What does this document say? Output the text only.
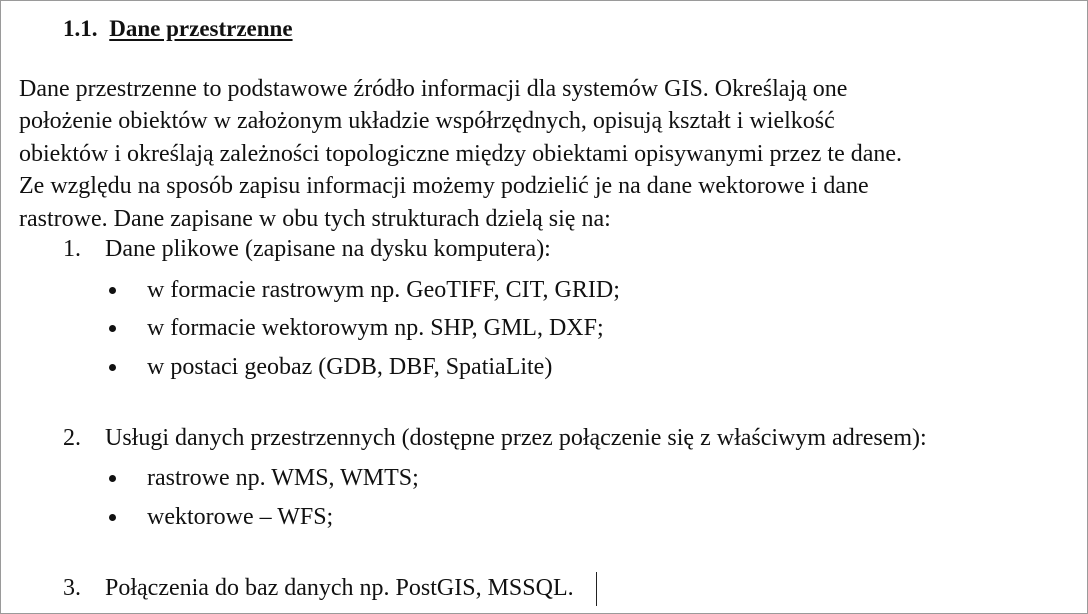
1.1. Dane przestrzenne

Dane przestrzenne to podstawowe źródło informacji dla systemów GIS. Określają one
położenie obiektów w założonym układzie współrzędnych, opisują kształt i wielkość
obiektów i określają zależności topologiczne między obiektami opisywanymi przez te dane.
Ze względu na sposób zapisu informacji możemy podzielić je na dane wektorowe i dane
rastrowe. Dane zapisane w obu tych strukturach dzielą się na:

1. Dane plikowe (zapisane na dysku komputera):
w formacie rastrowym np. GeoTIFF, CIT, GRID;
w formacie wektorowym np. SHP, GML, DXF;
w postaci geobaz (GDB, DBF, SpatiaLite)
2. Usługi danych przestrzennych (dostępne przez połączenie się z właściwym adresem):
rastrowe np. WMS, WMTS;
wektorowe – WFS;
3. Połączenia do baz danych np. PostGIS, MSSQL.
